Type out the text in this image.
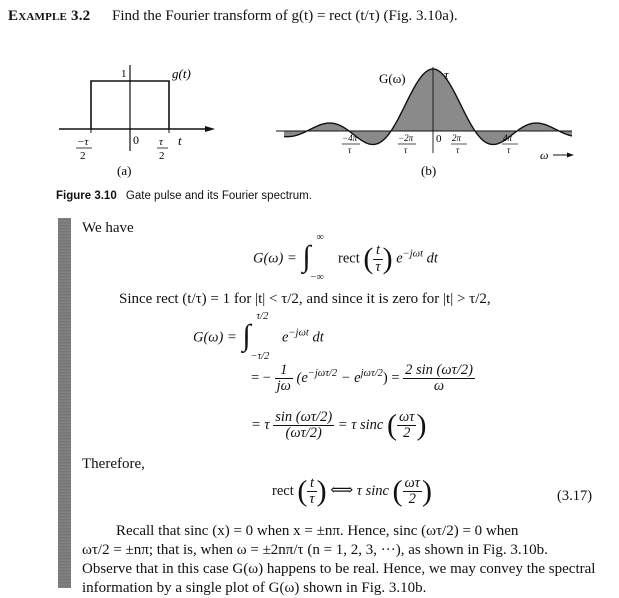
Example 3.2 Find the Fourier transform of g(t) = rect (t/τ) (Fig. 3.10a).
1	g(t)
t
−τ
2
0 τ
2
(a)
G(ω)	τ
−4π
τ
−2π
τ
0 2π
τ
4π
τ ω
(b)
Figure 3.10 Gate pulse and its Fourier spectrum.
We have
G(ω) = ∫
∞
−∞
rect ( $\frac{t}{\tau}$ ) $e^{-j\omega t}$ dt
Since rect (t/τ) = 1 for |t| < τ/2, and since it is zero for |t| > τ/2,
G(ω) = ∫
τ/2
−τ/2
$e^{-j\omega t}$ dt
= − $\frac{1}{j\omega} (e^{-j\omega\tau/2} - e^{j\omega\tau/2}) = \frac{2 \sin (\omega\tau/2)}{\omega}$
= τ $\frac{\sin (\omega\tau/2)}{(\omega\tau/2)} = \tau$ sinc ( $\frac{\omega\tau}{2}$ )
Therefore,
rect ( $\frac{t}{\tau}$ ) ⟺ τ sinc ( $\frac{\omega\tau}{2}$ )	(3.17)
Recall that sinc (x) = 0 when x = ±nπ. Hence, sinc (ωτ/2) = 0 when
ωτ/2 = ±nπ; that is, when ω = ±2nπ/τ (n = 1, 2, 3, ···), as shown in Fig. 3.10b.
Observe that in this case G(ω) happens to be real. Hence, we may convey the spectral
information by a single plot of G(ω) shown in Fig. 3.10b.
